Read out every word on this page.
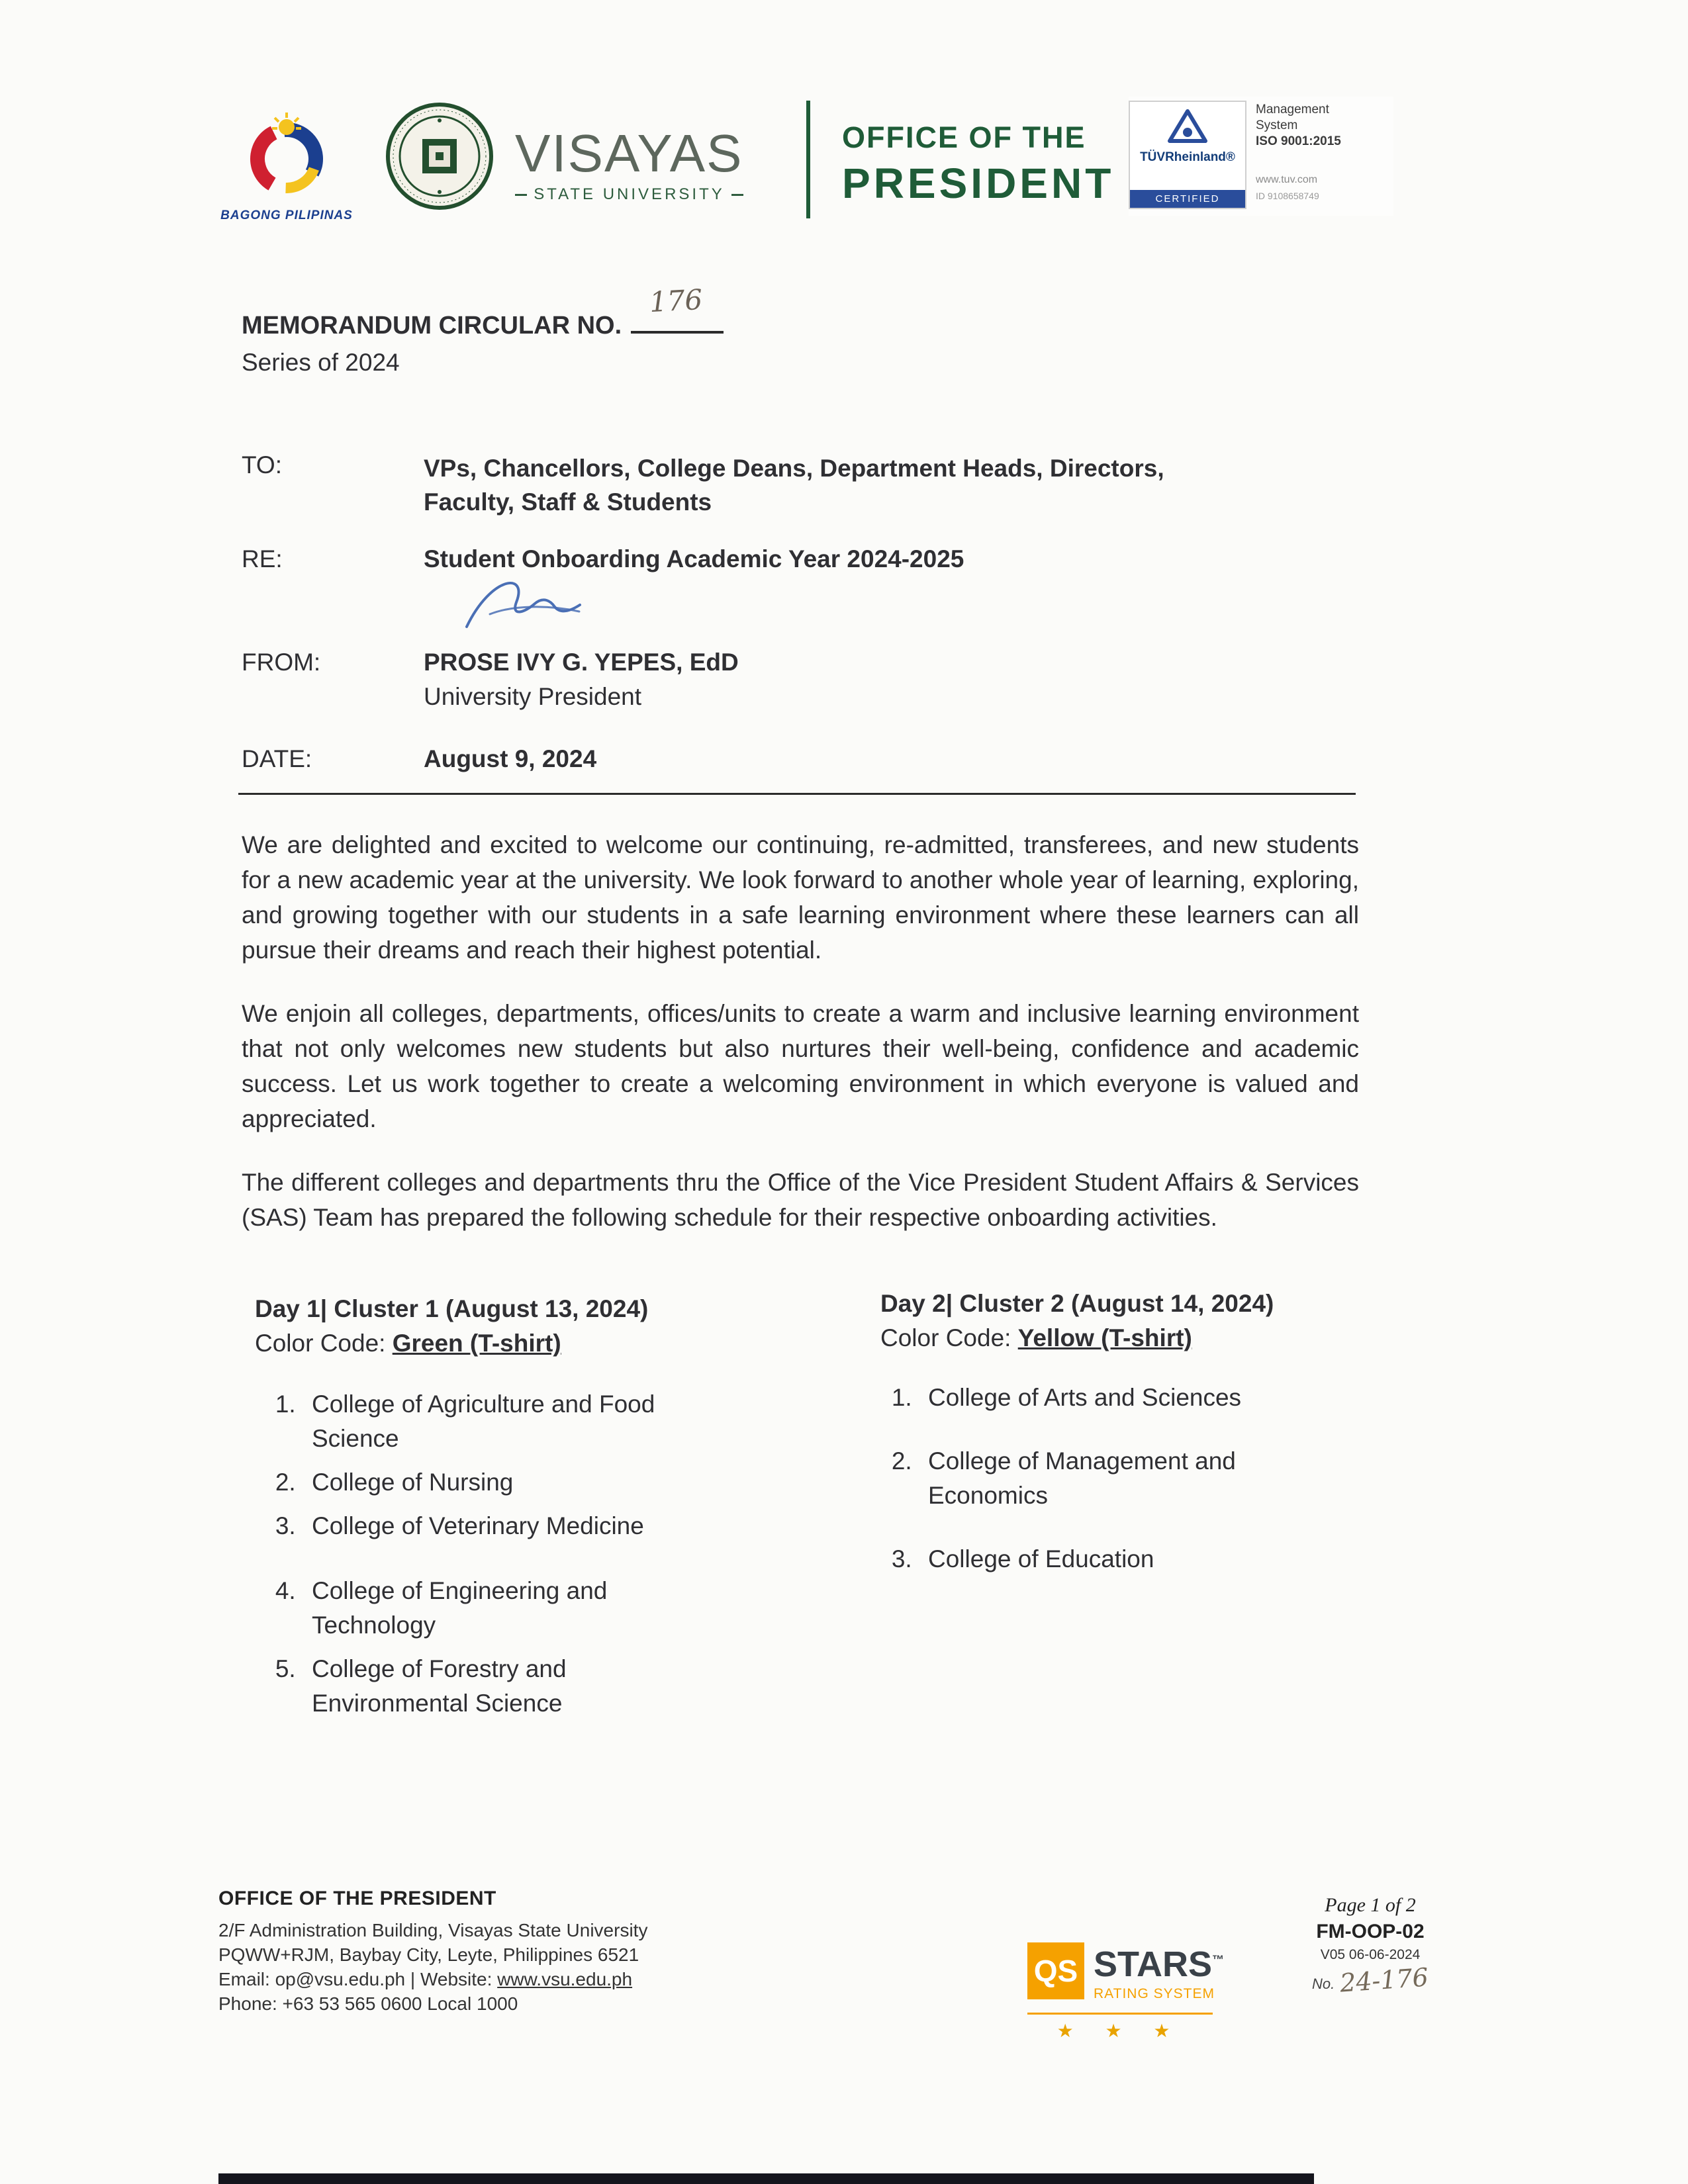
BAGONG PILIPINAS
VISAYAS
STATE UNIVERSITY
OFFICE OF THE
PRESIDENT
TÜVRheinland®
CERTIFIED
Management
System
ISO 9001:2015
www.tuv.com
ID 9108658749
MEMORANDUM CIRCULAR NO.
176
Series of 2024
TO:	VPs, Chancellors, College Deans, Department Heads, Directors,
Faculty, Staff & Students
RE:	Student Onboarding Academic Year 2024-2025
FROM:	PROSE IVY G. YEPES, EdD
University President
DATE:	August 9, 2024

We are delighted and excited to welcome our continuing, re-admitted, transferees, and new students for a new academic year at the university. We look forward to another whole year of learning, exploring, and growing together with our students in a safe learning environment where these learners can all pursue their dreams and reach their highest potential.

We enjoin all colleges, departments, offices/units to create a warm and inclusive learning environment that not only welcomes new students but also nurtures their well-being, confidence and academic success. Let us work together to create a welcoming environment in which everyone is valued and appreciated.

The different colleges and departments thru the Office of the Vice President Student Affairs & Services (SAS) Team has prepared the following schedule for their respective onboarding activities.

Day 1| Cluster 1 (August 13, 2024)
Color Code: Green (T-shirt)
1. College of Agriculture and Food Science
2. College of Nursing
3. College of Veterinary Medicine
4. College of Engineering and Technology
5. College of Forestry and Environmental Science
Day 2| Cluster 2 (August 14, 2024)
Color Code: Yellow (T-shirt)
1. College of Arts and Sciences
2. College of Management and Economics
3. College of Education
OFFICE OF THE PRESIDENT
2/F Administration Building, Visayas State University
PQWW+RJM, Baybay City, Leyte, Philippines 6521
Email: op@vsu.edu.ph | Website: www.vsu.edu.ph
Phone: +63 53 565 0600 Local 1000
QS STARS™
RATING SYSTEM
★ ★ ★
Page 1 of 2
FM-OOP-02
V05 06-06-2024
No. 24-176
